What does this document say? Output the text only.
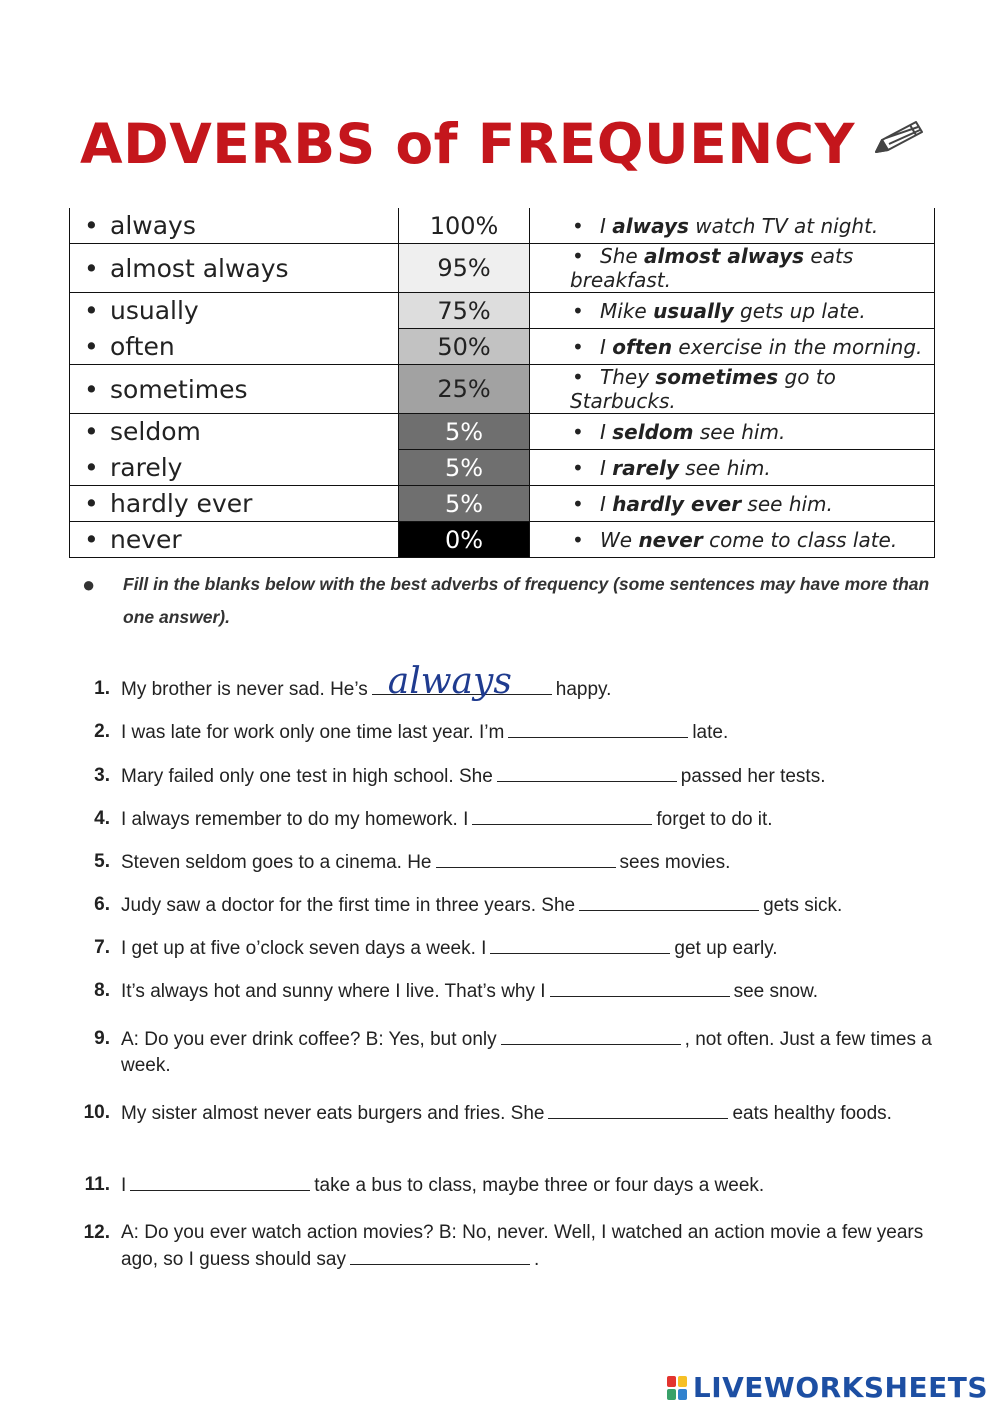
ADVERBS of FREQUENCY
• always	100%	• I always watch TV at night.
• almost always	95%	• She almost always eats breakfast.
• usually	75%	• Mike usually gets up late.
• often	50%	• I often exercise in the morning.
• sometimes	25%	• They sometimes go to Starbucks.
• seldom	5%	• I seldom see him.
• rarely	5%	• I rarely see him.
• hardly ever	5%	• I hardly ever see him.
• never	0%	• We never come to class late.
● Fill in the blanks below with the best adverbs of frequency (some sentences may have more than one answer).
1. My brother is never sad. He’s always happy.
2. I was late for work only one time last year. I’m	late.
3. Mary failed only one test in high school. She	passed her tests.
4. I always remember to do my homework. I	forget to do it.
5. Steven seldom goes to a cinema. He	sees movies.
6. Judy saw a doctor for the first time in three years. She	gets sick.
7. I get up at five o’clock seven days a week. I	get up early.
8. It’s always hot and sunny where I live. That’s why I	see snow.
9. A: Do you ever drink coffee? B: Yes, but only	, not often. Just a few times a week.
10. My sister almost never eats burgers and fries. She	eats healthy foods.
11. I	take a bus to class, maybe three or four days a week.
12. A: Do you ever watch action movies? B: No, never. Well, I watched an action movie a few years ago, so I guess should say	.
LIVEWORKSHEETS
